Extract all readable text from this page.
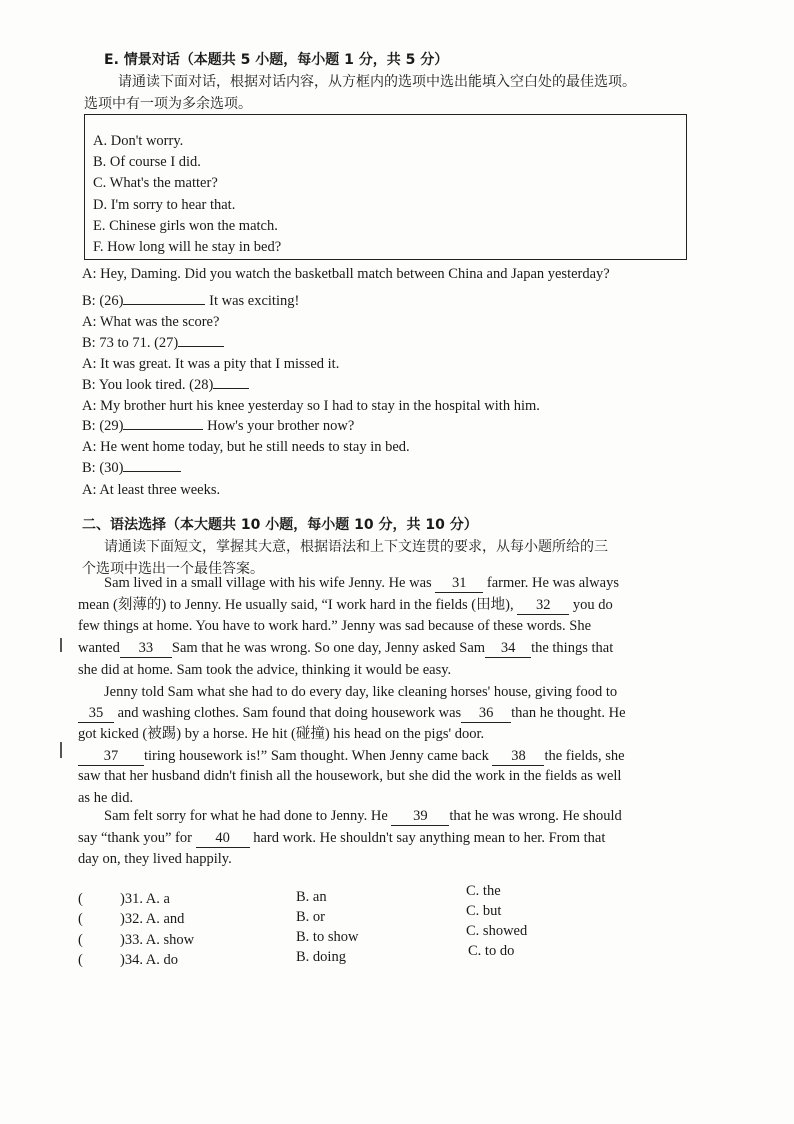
E. 情景对话（本题共 5 小题，每小题 1 分，共 5 分）
请通读下面对话，根据对话内容，从方框内的选项中选出能填入空白处的最佳选项。
选项中有一项为多余选项。
A. Don't worry.
B. Of course I did.
C. What's the matter?
D. I'm sorry to hear that.
E. Chinese girls won the match.
F. How long will he stay in bed?
A: Hey, Daming. Did you watch the basketball match between China and Japan yesterday?
B: (26)	It was exciting!
A: What was the score?
B: 73 to 71. (27)
A: It was great. It was a pity that I missed it.
B: You look tired. (28)
A: My brother hurt his knee yesterday so I had to stay in the hospital with him.
B: (29)	How's your brother now?
A: He went home today, but he still needs to stay in bed.
B: (30)
A: At least three weeks.
二、语法选择（本大题共 10 小题，每小题 10 分，共 10 分）
请通读下面短文，掌握其大意，根据语法和上下文连贯的要求，从每小题所给的三
个选项中选出一个最佳答案。
Sam lived in a small village with his wife Jenny. He was 31 farmer. He was always
mean (刻薄的) to Jenny. He usually said, “I work hard in the fields (田地), 32 you do
few things at home. You have to work hard.” Jenny was sad because of these words. She
wanted 33 Sam that he was wrong. So one day, Jenny asked Sam 34 the things that
she did at home. Sam took the advice, thinking it would be easy.
Jenny told Sam what she had to do every day, like cleaning horses' house, giving food to
35 and washing clothes. Sam found that doing housework was 36 than he thought. He
got kicked (被踢) by a horse. He hit (碰撞) his head on the pigs' door.
37 tiring housework is!” Sam thought. When Jenny came back 38 the fields, she
saw that her husband didn't finish all the housework, but she did the work in the fields as well
as he did.
Sam felt sorry for what he had done to Jenny. He 39 that he was wrong. He should
say “thank you” for 40 hard work. He shouldn't say anything mean to her. From that
day on, they lived happily.
(	)31. A. a	B. an	C. the
(	)32. A. and	B. or	C. but
(	)33. A. show	B. to show	C. showed
(	)34. A. do	B. doing	C. to do
